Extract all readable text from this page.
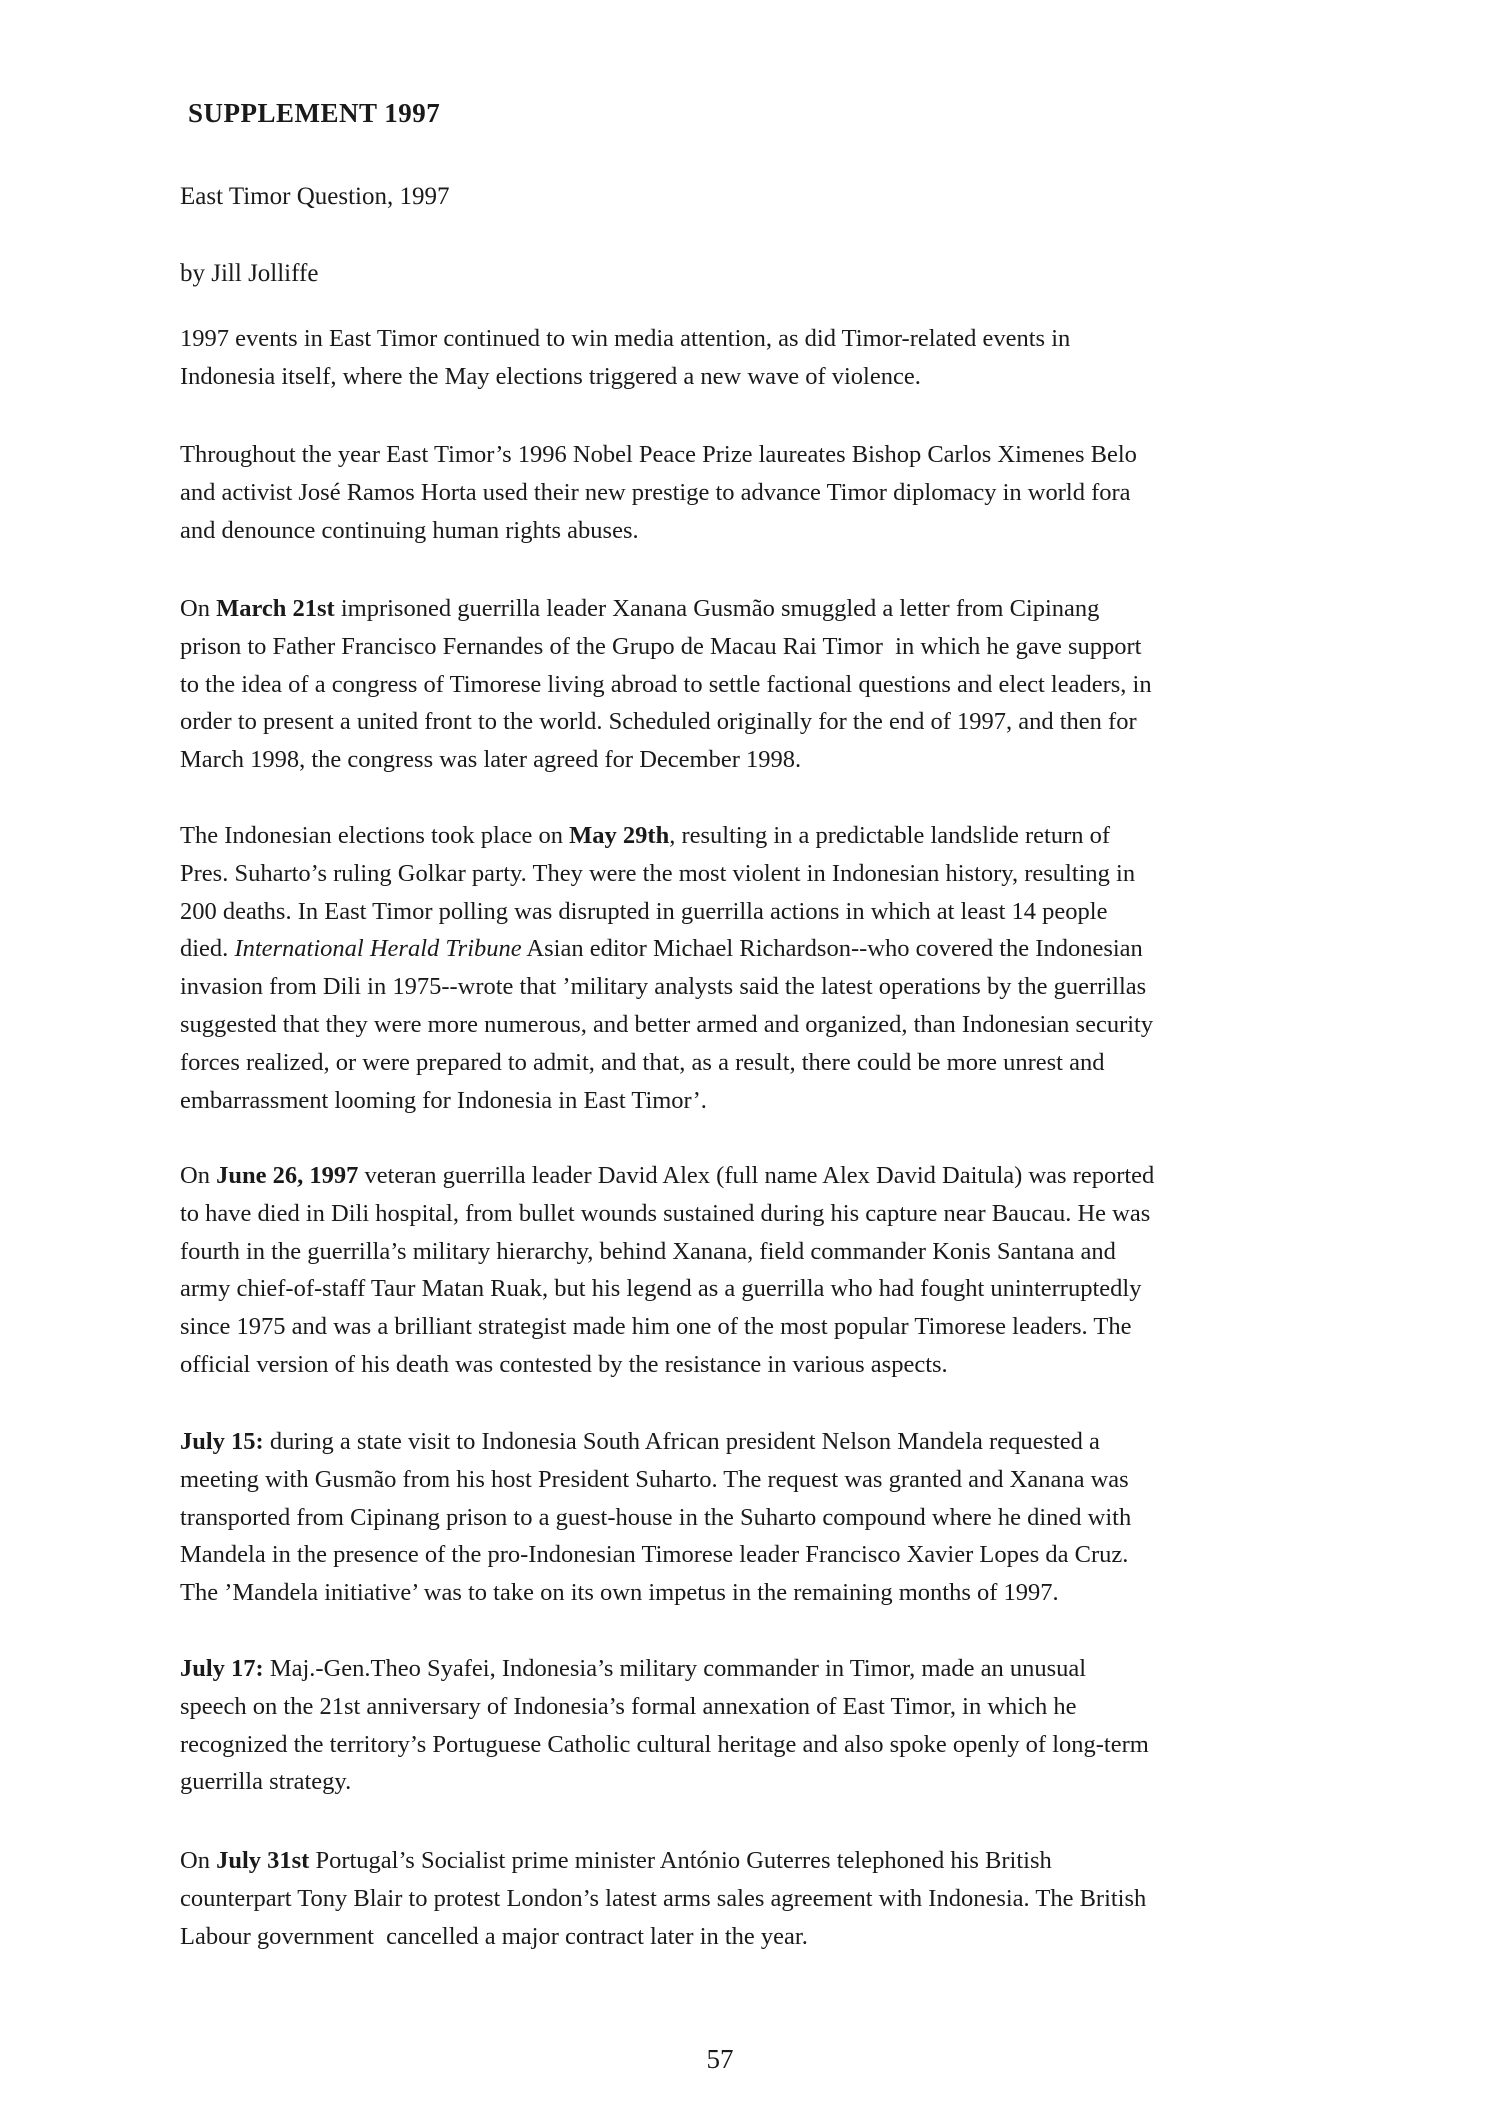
SUPPLEMENT 1997

East Timor Question, 1997

by Jill Jolliffe

1997 events in East Timor continued to win media attention, as did Timor-related events in
Indonesia itself, where the May elections triggered a new wave of violence.

Throughout the year East Timor’s 1996 Nobel Peace Prize laureates Bishop Carlos Ximenes Belo
and activist José Ramos Horta used their new prestige to advance Timor diplomacy in world fora
and denounce continuing human rights abuses.

On March 21st imprisoned guerrilla leader Xanana Gusmão smuggled a letter from Cipinang
prison to Father Francisco Fernandes of the Grupo de Macau Rai Timor  in which he gave support
to the idea of a congress of Timorese living abroad to settle factional questions and elect leaders, in
order to present a united front to the world. Scheduled originally for the end of 1997, and then for
March 1998, the congress was later agreed for December 1998.

The Indonesian elections took place on May 29th, resulting in a predictable landslide return of
Pres. Suharto’s ruling Golkar party. They were the most violent in Indonesian history, resulting in
200 deaths. In East Timor polling was disrupted in guerrilla actions in which at least 14 people
died. International Herald Tribune Asian editor Michael Richardson--who covered the Indonesian
invasion from Dili in 1975--wrote that ’military analysts said the latest operations by the guerrillas
suggested that they were more numerous, and better armed and organized, than Indonesian security
forces realized, or were prepared to admit, and that, as a result, there could be more unrest and
embarrassment looming for Indonesia in East Timor’.

On June 26, 1997 veteran guerrilla leader David Alex (full name Alex David Daitula) was reported
to have died in Dili hospital, from bullet wounds sustained during his capture near Baucau. He was
fourth in the guerrilla’s military hierarchy, behind Xanana, field commander Konis Santana and
army chief-of-staff Taur Matan Ruak, but his legend as a guerrilla who had fought uninterruptedly
since 1975 and was a brilliant strategist made him one of the most popular Timorese leaders. The
official version of his death was contested by the resistance in various aspects.

July 15: during a state visit to Indonesia South African president Nelson Mandela requested a
meeting with Gusmão from his host President Suharto. The request was granted and Xanana was
transported from Cipinang prison to a guest-house in the Suharto compound where he dined with
Mandela in the presence of the pro-Indonesian Timorese leader Francisco Xavier Lopes da Cruz.
The ’Mandela initiative’ was to take on its own impetus in the remaining months of 1997.

July 17: Maj.-Gen.Theo Syafei, Indonesia’s military commander in Timor, made an unusual
speech on the 21st anniversary of Indonesia’s formal annexation of East Timor, in which he
recognized the territory’s Portuguese Catholic cultural heritage and also spoke openly of long-term
guerrilla strategy.

On July 31st Portugal’s Socialist prime minister António Guterres telephoned his British
counterpart Tony Blair to protest London’s latest arms sales agreement with Indonesia. The British
Labour government  cancelled a major contract later in the year.

57
